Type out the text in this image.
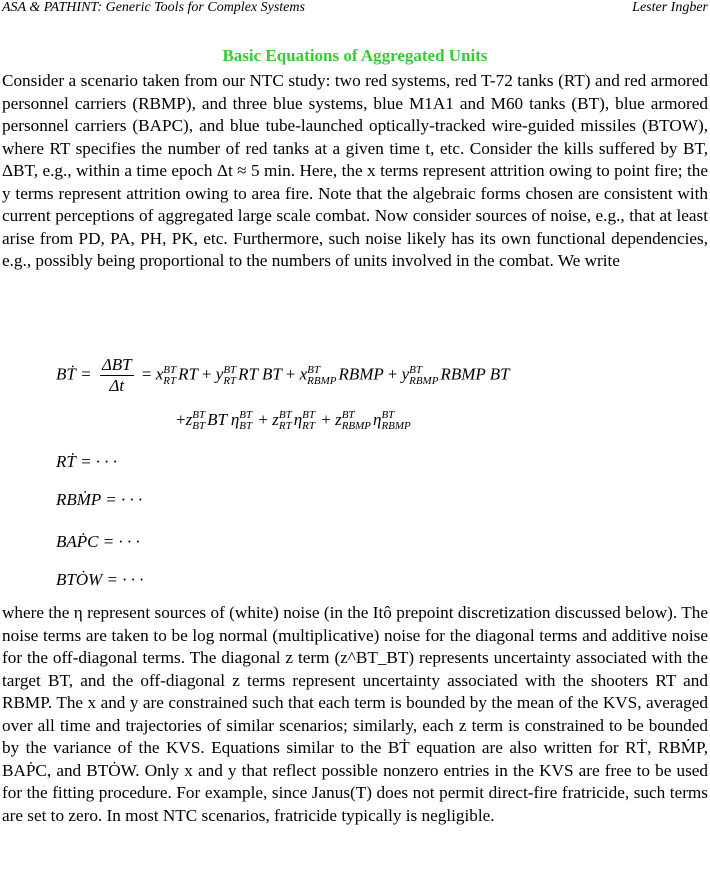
ASA & PATHINT: Generic Tools for Complex Systems	Lester Ingber
Basic Equations of Aggregated Units
Consider a scenario taken from our NTC study: two red systems, red T-72 tanks (RT) and red armored personnel carriers (RBMP), and three blue systems, blue M1A1 and M60 tanks (BT), blue armored personnel carriers (BAPC), and blue tube-launched optically-tracked wire-guided missiles (BTOW), where RT specifies the number of red tanks at a given time t, etc. Consider the kills suffered by BT, ΔBT, e.g., within a time epoch Δt ≈ 5 min. Here, the x terms represent attrition owing to point fire; the y terms represent attrition owing to area fire. Note that the algebraic forms chosen are consistent with current perceptions of aggregated large scale combat. Now consider sources of noise, e.g., that at least arise from PD, PA, PH, PK, etc. Furthermore, such noise likely has its own functional dependencies, e.g., possibly being proportional to the numbers of units involved in the combat. We write
BṪ = $\frac{\text{ΔBT}}{\Delta t} = x$ BT
RT RT + y BT
RT RT BT + x BT
RBMP RBMP + y BT
RBMP RBMP BT
+z BT
BT BT η BT
BT + z BT
RT η BT
RT + z BT
RBMP η BT
RBMP
RṪ = · · ·
RBṀP = · · ·
BAṖC = · · ·
BTȮW = · · ·
where the η represent sources of (white) noise (in the Itô prepoint discretization discussed below). The noise terms are taken to be log normal (multiplicative) noise for the diagonal terms and additive noise for the off-diagonal terms. The diagonal z term (z^BT_BT) represents uncertainty associated with the target BT, and the off-diagonal z terms represent uncertainty associated with the shooters RT and RBMP. The x and y are constrained such that each term is bounded by the mean of the KVS, averaged over all time and trajectories of similar scenarios; similarly, each z term is constrained to be bounded by the variance of the KVS. Equations similar to the BṪ equation are also written for RṪ, RBṀP, BAṖC, and BTȮW. Only x and y that reflect possible nonzero entries in the KVS are free to be used for the fitting procedure. For example, since Janus(T) does not permit direct-fire fratricide, such terms are set to zero. In most NTC scenarios, fratricide typically is negligible.
